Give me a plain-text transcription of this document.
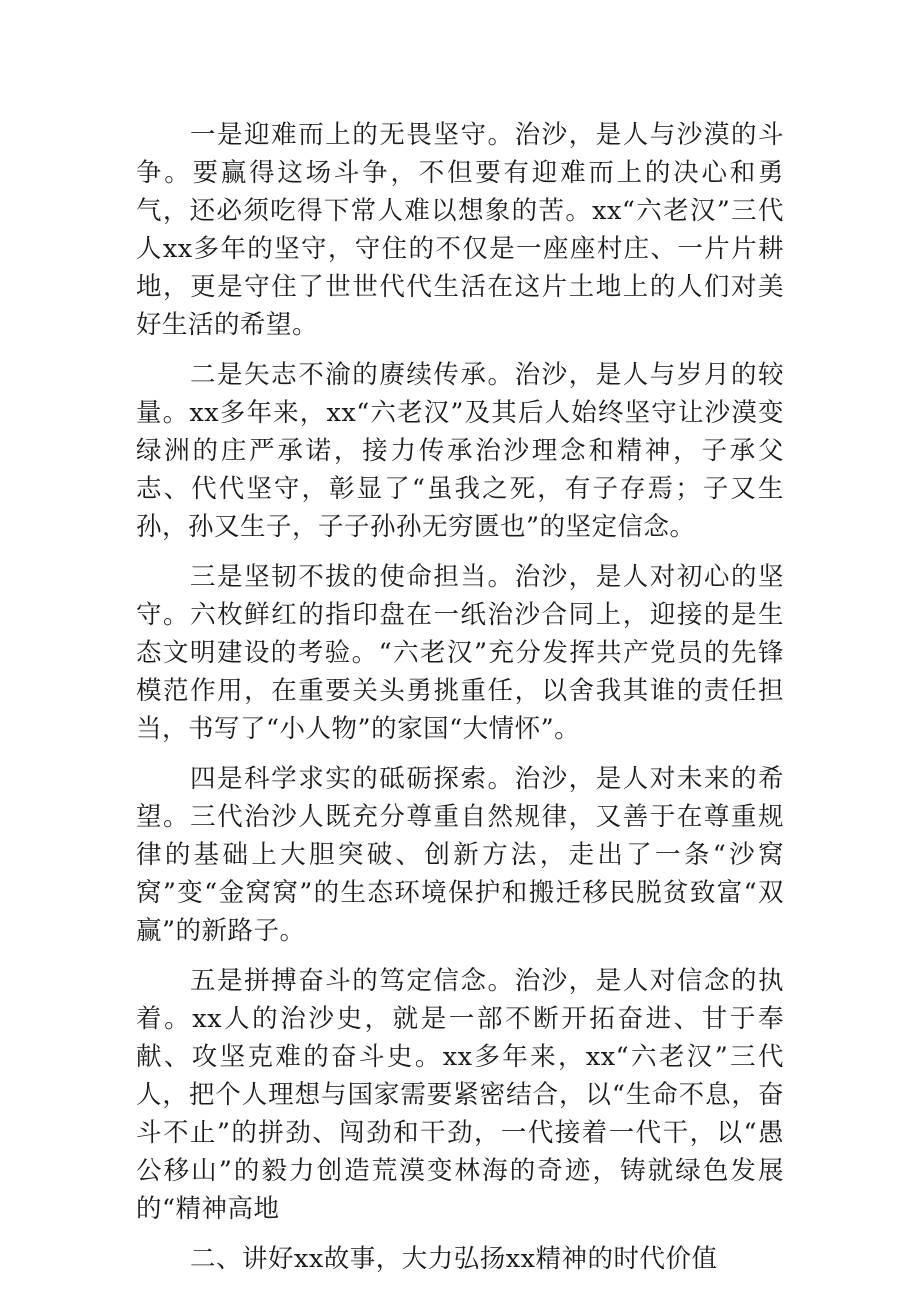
一是迎难而上的无畏坚守。治沙，是人与沙漠的斗争。要赢得这场斗争，不但要有迎难而上的决心和勇气，还必须吃得下常人难以想象的苦。xx“六老汉”三代人xx多年的坚守，守住的不仅是一座座村庄、一片片耕地，更是守住了世世代代生活在这片土地上的人们对美好生活的希望。

二是矢志不渝的赓续传承。治沙，是人与岁月的较量。xx多年来，xx“六老汉”及其后人始终坚守让沙漠变绿洲的庄严承诺，接力传承治沙理念和精神，子承父志、代代坚守，彰显了“虽我之死，有子存焉；子又生孙，孙又生子，子子孙孙无穷匮也”的坚定信念。

三是坚韧不拔的使命担当。治沙，是人对初心的坚守。六枚鲜红的指印盘在一纸治沙合同上，迎接的是生态文明建设的考验。“六老汉”充分发挥共产党员的先锋模范作用，在重要关头勇挑重任，以舍我其谁的责任担当，书写了“小人物”的家国“大情怀”。

四是科学求实的砥砺探索。治沙，是人对未来的希望。三代治沙人既充分尊重自然规律，又善于在尊重规律的基础上大胆突破、创新方法，走出了一条“沙窝窝”变“金窝窝”的生态环境保护和搬迁移民脱贫致富“双赢”的新路子。

五是拼搏奋斗的笃定信念。治沙，是人对信念的执着。xx人的治沙史，就是一部不断开拓奋进、甘于奉献、攻坚克难的奋斗史。xx多年来，xx“六老汉”三代人，把个人理想与国家需要紧密结合，以“生命不息，奋斗不止”的拼劲、闯劲和干劲，一代接着一代干，以“愚公移山”的毅力创造荒漠变林海的奇迹，铸就绿色发展的“精神高地

二、讲好xx故事，大力弘扬xx精神的时代价值
